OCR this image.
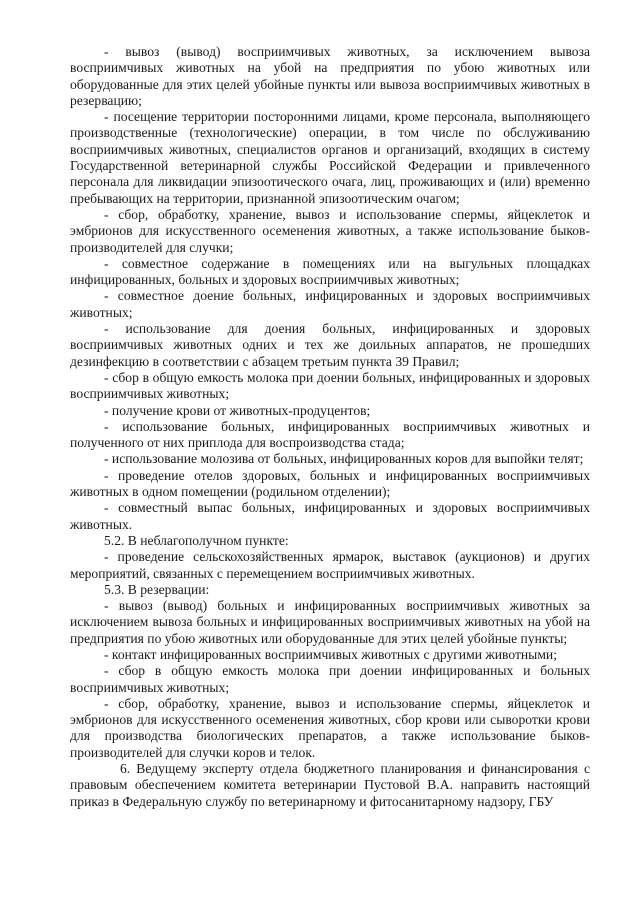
- вывоз (вывод) восприимчивых животных, за исключением вывоза восприимчивых животных на убой на предприятия по убою животных или оборудованные для этих целей убойные пункты или вывоза восприимчивых животных в резервацию;

- посещение территории посторонними лицами, кроме персонала, выполняющего производственные (технологические) операции, в том числе по обслуживанию восприимчивых животных, специалистов органов и организаций, входящих в систему Государственной ветеринарной службы Российской Федерации и привлеченного персонала для ликвидации эпизоотического очага, лиц, проживающих и (или) временно пребывающих на территории, признанной эпизоотическим очагом;

- сбор, обработку, хранение, вывоз и использование спермы, яйцеклеток и эмбрионов для искусственного осеменения животных, а также использование быков-производителей для случки;

- совместное содержание в помещениях или на выгульных площадках инфицированных, больных и здоровых восприимчивых животных;

- совместное доение больных, инфицированных и здоровых восприимчивых животных;

- использование для доения больных, инфицированных и здоровых восприимчивых животных одних и тех же доильных аппаратов, не прошедших дезинфекцию в соответствии с абзацем третьим пункта 39 Правил;

- сбор в общую емкость молока при доении больных, инфицированных и здоровых восприимчивых животных;

- получение крови от животных-продуцентов;

- использование больных, инфицированных восприимчивых животных и полученного от них приплода для воспроизводства стада;

- использование молозива от больных, инфицированных коров для выпойки телят;

- проведение отелов здоровых, больных и инфицированных восприимчивых животных в одном помещении (родильном отделении);

- совместный выпас больных, инфицированных и здоровых восприимчивых животных.

5.2. В неблагополучном пункте:

- проведение сельскохозяйственных ярмарок, выставок (аукционов) и других мероприятий, связанных с перемещением восприимчивых животных.

5.3. В резервации:

- вывоз (вывод) больных и инфицированных восприимчивых животных за исключением вывоза больных и инфицированных восприимчивых животных на убой на предприятия по убою животных или оборудованные для этих целей убойные пункты;

- контакт инфицированных восприимчивых животных с другими животными;

- сбор в общую емкость молока при доении инфицированных и больных восприимчивых животных;

- сбор, обработку, хранение, вывоз и использование спермы, яйцеклеток и эмбрионов для искусственного осеменения животных, сбор крови или сыворотки крови для производства биологических препаратов, а также использование быков-производителей для случки коров и телок.

6. Ведущему эксперту отдела бюджетного планирования и финансирования с правовым обеспечением комитета ветеринарии Пустовой В.А. направить настоящий приказ в Федеральную службу по ветеринарному и фитосанитарному надзору, ГБУ
